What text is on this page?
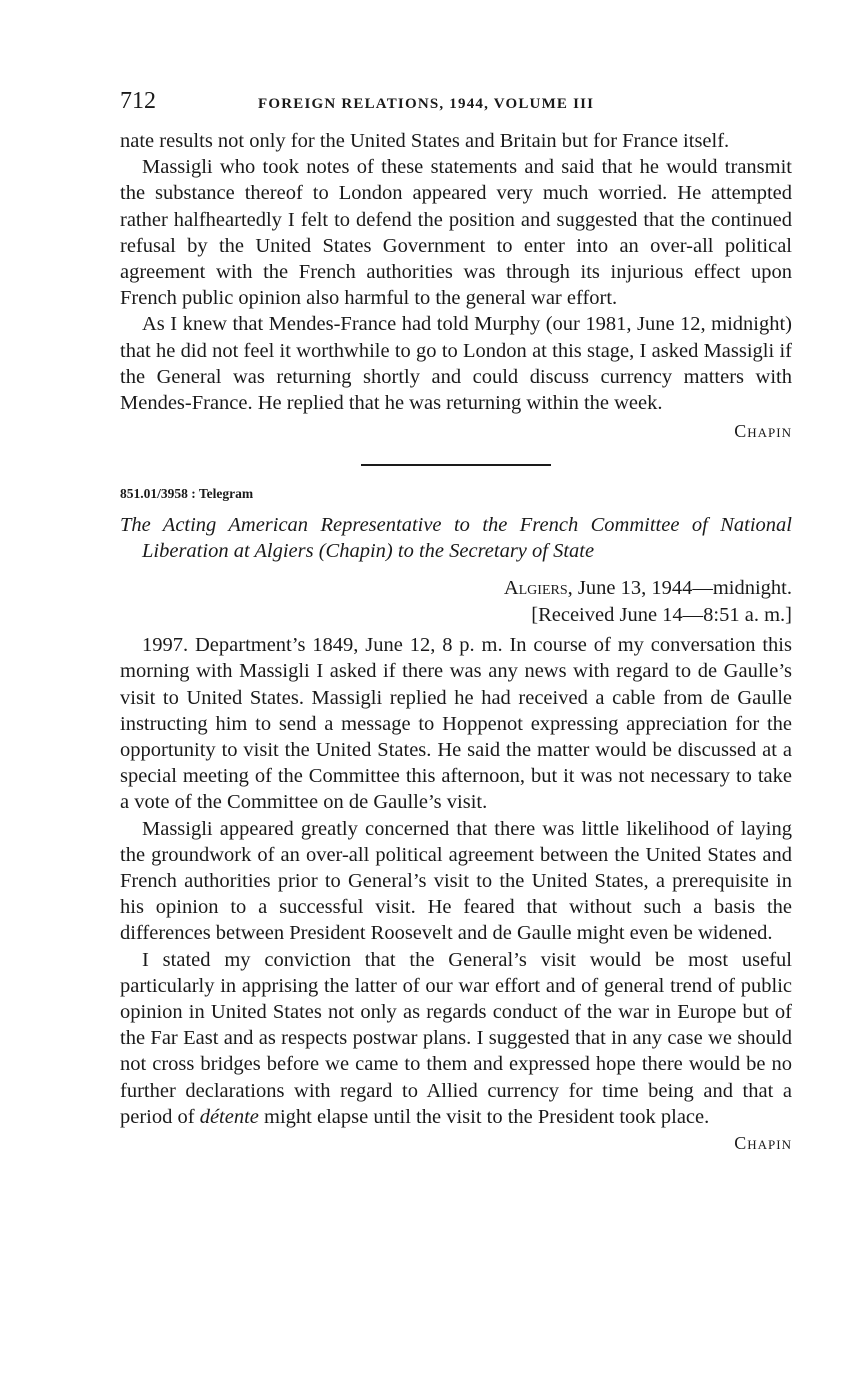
712	FOREIGN RELATIONS, 1944, VOLUME III

nate results not only for the United States and Britain but for France itself.

Massigli who took notes of these statements and said that he would transmit the substance thereof to London appeared very much worried. He attempted rather halfheartedly I felt to defend the position and suggested that the continued refusal by the United States Government to enter into an over-all political agreement with the French authorities was through its injurious effect upon French public opinion also harmful to the general war effort.

As I knew that Mendes-France had told Murphy (our 1981, June 12, midnight) that he did not feel it worthwhile to go to London at this stage, I asked Massigli if the General was returning shortly and could discuss currency matters with Mendes-France. He replied that he was returning within the week.

Chapin
851.01/3958 : Telegram
The Acting American Representative to the French Committee of National Liberation at Algiers (Chapin) to the Secretary of State
Algiers, June 13, 1944—midnight.
[Received June 14—8:51 a. m.]

1997. Department’s 1849, June 12, 8 p. m. In course of my conversation this morning with Massigli I asked if there was any news with regard to de Gaulle’s visit to United States. Massigli replied he had received a cable from de Gaulle instructing him to send a message to Hoppenot expressing appreciation for the opportunity to visit the United States. He said the matter would be discussed at a special meeting of the Committee this afternoon, but it was not necessary to take a vote of the Committee on de Gaulle’s visit.

Massigli appeared greatly concerned that there was little likelihood of laying the groundwork of an over-all political agreement between the United States and French authorities prior to General’s visit to the United States, a prerequisite in his opinion to a successful visit. He feared that without such a basis the differences between President Roosevelt and de Gaulle might even be widened.

I stated my conviction that the General’s visit would be most useful particularly in apprising the latter of our war effort and of general trend of public opinion in United States not only as regards conduct of the war in Europe but of the Far East and as respects postwar plans. I suggested that in any case we should not cross bridges before we came to them and expressed hope there would be no further declarations with regard to Allied currency for time being and that a period of détente might elapse until the visit to the President took place.

Chapin
